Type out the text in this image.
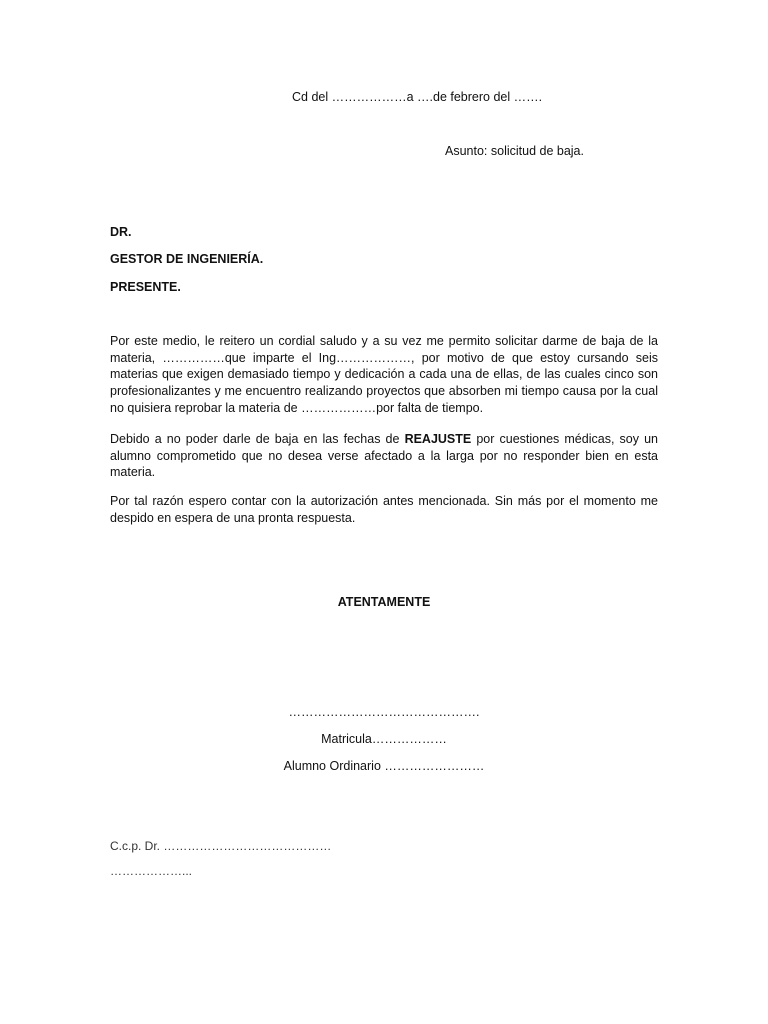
Cd del ………………a ….de febrero del …….
Asunto: solicitud de baja.
DR.
GESTOR DE INGENIERÍA.
PRESENTE.

Por este medio, le reitero un cordial saludo y a su vez me permito solicitar darme de baja de la materia, ……………que imparte el Ing………………, por motivo de que estoy cursando seis materias que exigen demasiado tiempo y dedicación a cada una de ellas, de las cuales cinco son profesionalizantes y me encuentro realizando proyectos que absorben mi tiempo causa por la cual no quisiera reprobar la materia de ………………por falta de tiempo.

Debido a no poder darle de baja en las fechas de REAJUSTE por cuestiones médicas, soy un alumno comprometido que no desea verse afectado a la larga por no responder bien en esta materia.

Por tal razón espero contar con la autorización antes mencionada. Sin más por el momento me despido en espera de una pronta respuesta.

ATENTAMENTE
……………………………………….
Matricula………………
Alumno Ordinario ……………………
C.c.p. Dr. ……………………………………
………………...
